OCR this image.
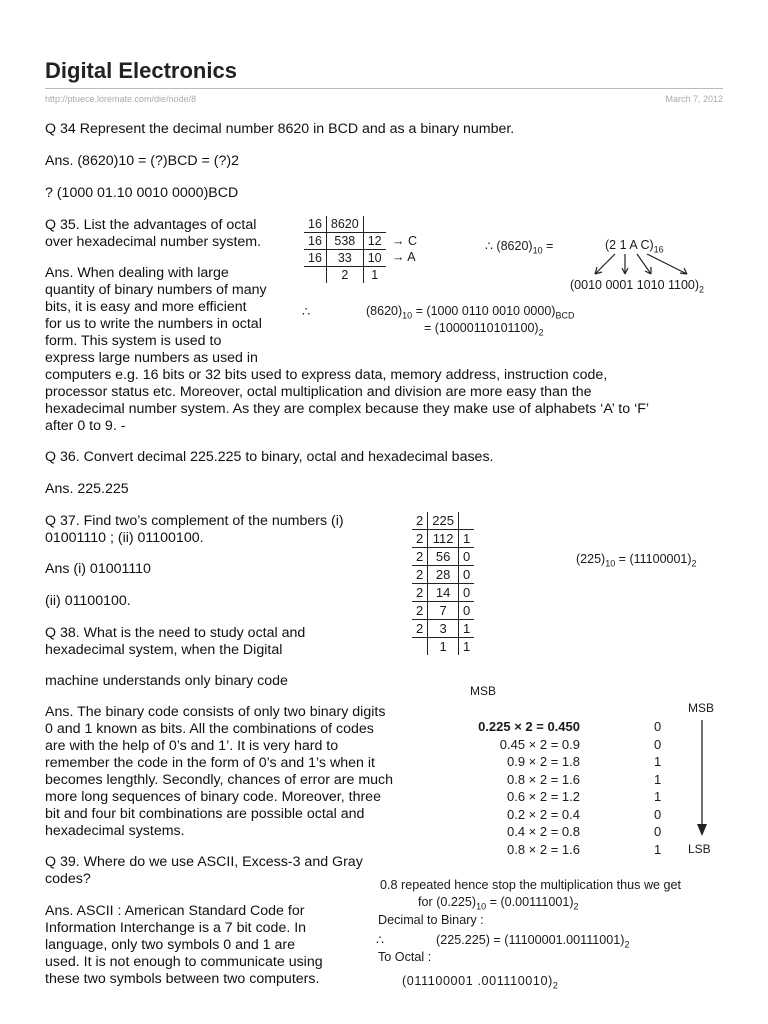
Digital Electronics
http://ptuece.loremate.com/die/node/8	March 7, 2012
Q 34 Represent the decimal number 8620 in BCD and as a binary number.
Ans. (8620)10 = (?)BCD = (?)2
? (1000 01.10 0010 0000)BCD
Q 35. List the advantages of octal
over hexadecimal number system.
Ans. When dealing with large
quantity of binary numbers of many
bits, it is easy and more efficient
for us to write the numbers in octal
form. This system is used to
express large numbers as used in
computers e.g. 16 bits or 32 bits used to express data, memory address, instruction code,
processor status etc. Moreover, octal multiplication and division are more easy than the
hexadecimal number system. As they are complex because they make use of alphabets ‘A’ to ‘F’
after 0 to 9. -
Q 36. Convert decimal 225.225 to binary, octal and hexadecimal bases.
Ans. 225.225
Q 37. Find two’s complement of the numbers (i)
01001110 ; (ii) 01100100.
Ans (i) 01001110
(ii) 01100100.
Q 38. What is the need to study octal and
hexadecimal system, when the Digital
machine understands only binary code
Ans. The binary code consists of only two binary digits
0 and 1 known as bits. All the combinations of codes
are with the help of 0’s and 1’. It is very hard to
remember the code in the form of 0’s and 1’s when it
becomes lengthly. Secondly, chances of error are much
more long sequences of binary code. Moreover, three
bit and four bit combinations are possible octal and
hexadecimal systems.
Q 39. Where do we use ASCII, Excess-3 and Gray
codes?
Ans. ASCII : American Standard Code for
Information Interchange is a 7 bit code. In
language, only two symbols 0 and 1 are
used. It is not enough to communicate using
these two symbols between two computers.
16	8620	
16	538	12
16	33	10
	2	1
→ C
→ A
∴ $(8620)_{10}$ =	(2 1 A $C)_{16}$
(0010 0001 1010 $1100)_2$
∴	$(8620)_{10} = (1000$ 0110 0010 $0000)_{BCD}$
= $(10000110101100)_2$
2	225	
2	112	1
2	56	0
2	28	0
2	14	0
2	7	0
2	3	1
	1	1
$(225)_{10} = (11100001)_2$
MSB
MSB
0.225 × 2 = 0.450	0
0.45 × 2 = 0.9	0
0.9 × 2 = 1.8	1
0.8 × 2 = 1.6	1
0.6 × 2 = 1.2	1
0.2 × 2 = 0.4	0
0.4 × 2 = 0.8	0
0.8 × 2 = 1.6	1 LSB
0.8 repeated hence stop the multiplication thus we get
for $(0.225)_{10} = (0.00111001)_2$
Decimal to Binary :
∴	$(225.225) = (11100001.00111001)_2$
To Octal :
(011100001 $.001110010)_2$
